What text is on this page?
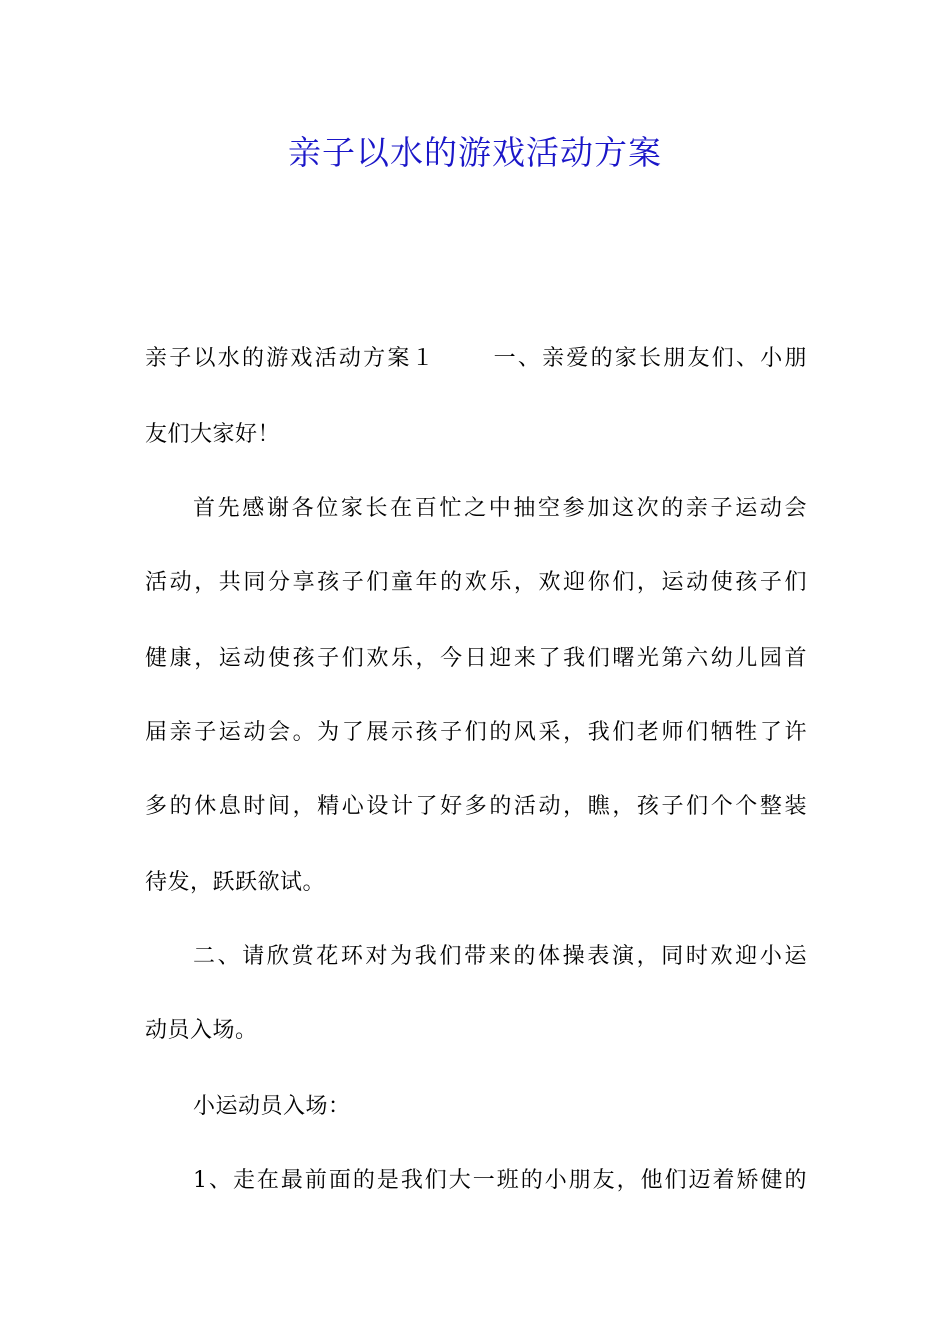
亲子以水的游戏活动方案
亲子以水的游戏活动方案１	一、亲爱的家长朋友们、小朋
友们大家好！
首先感谢各位家长在百忙之中抽空参加这次的亲子运动会
活动，共同分享孩子们童年的欢乐，欢迎你们，运动使孩子们
健康，运动使孩子们欢乐，今日迎来了我们曙光第六幼儿园首
届亲子运动会。为了展示孩子们的风采，我们老师们牺牲了许
多的休息时间，精心设计了好多的活动，瞧，孩子们个个整装
待发，跃跃欲试。
二、请欣赏花环对为我们带来的体操表演，同时欢迎小运
动员入场。
小运动员入场：
1、走在最前面的是我们大一班的小朋友，他们迈着矫健的
